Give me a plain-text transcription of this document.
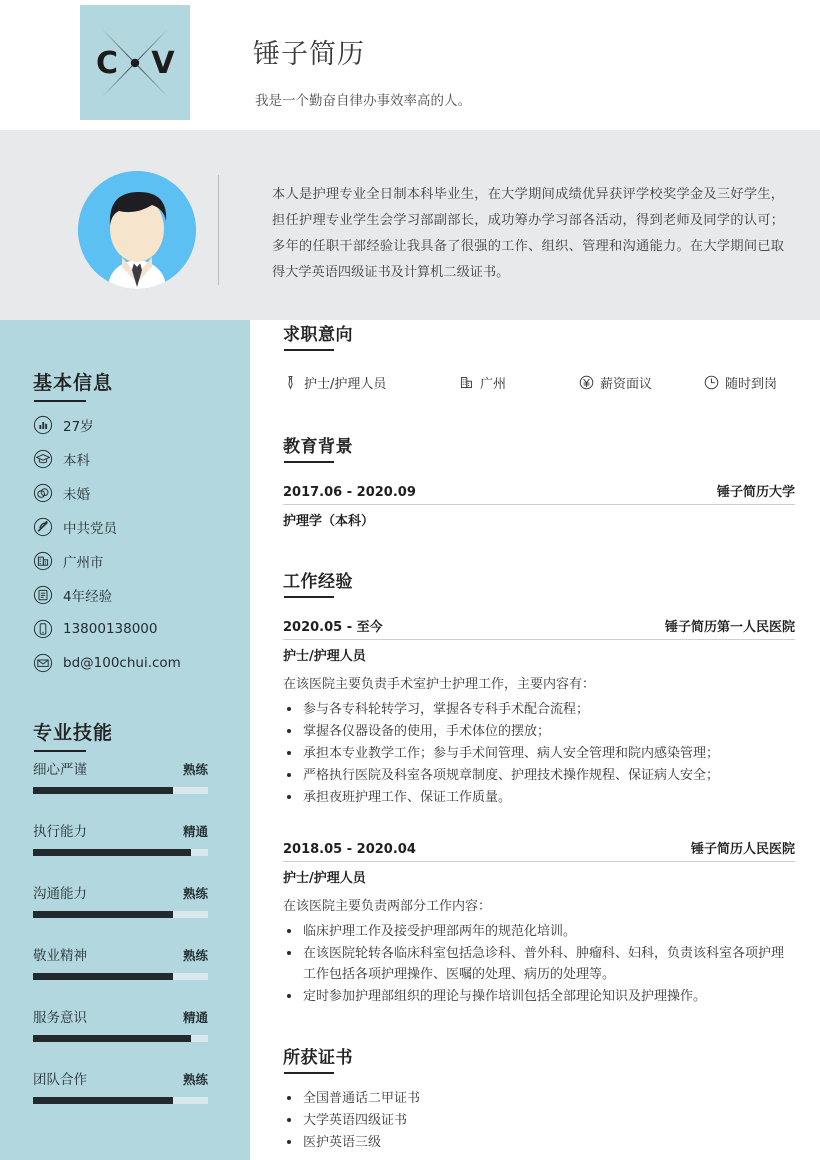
C V	锤子简历
我是一个勤奋自律办事效率高的人。
本人是护理专业全日制本科毕业生，在大学期间成绩优异获评学校奖学金及三好学生，担任护理专业学生会学习部副部长，成功筹办学习部各活动，得到老师及同学的认可；多年的任职干部经验让我具备了很强的工作、组织、管理和沟通能力。在大学期间已取得大学英语四级证书及计算机二级证书。
基本信息
27岁
本科
未婚
中共党员
广州市
4年经验
13800138000
bd@100chui.com
专业技能
细心严谨	熟练
执行能力	精通
沟通能力	熟练
敬业精神	熟练
服务意识	精通
团队合作	熟练
求职意向
护士/护理人员	广州	薪资面议	随时到岗
教育背景
2017.06 - 2020.09	锤子简历大学
护理学（本科）
工作经验
2020.05 - 至今	锤子简历第一人民医院
护士/护理人员
在该医院主要负责手术室护士护理工作，主要内容有：
参与各专科轮转学习，掌握各专科手术配合流程；
掌握各仪器设备的使用，手术体位的摆放；
承担本专业教学工作；参与手术间管理、病人安全管理和院内感染管理；
严格执行医院及科室各项规章制度、护理技术操作规程、保证病人安全；
承担夜班护理工作、保证工作质量。
2018.05 - 2020.04	锤子简历人民医院
护士/护理人员
在该医院主要负责两部分工作内容：
临床护理工作及接受护理部两年的规范化培训。
在该医院轮转各临床科室包括急诊科、普外科、肿瘤科、妇科，负责该科室各项护理工作包括各项护理操作、医嘱的处理、病历的处理等。
定时参加护理部组织的理论与操作培训包括全部理论知识及护理操作。
所获证书
全国普通话二甲证书
大学英语四级证书
医护英语三级
